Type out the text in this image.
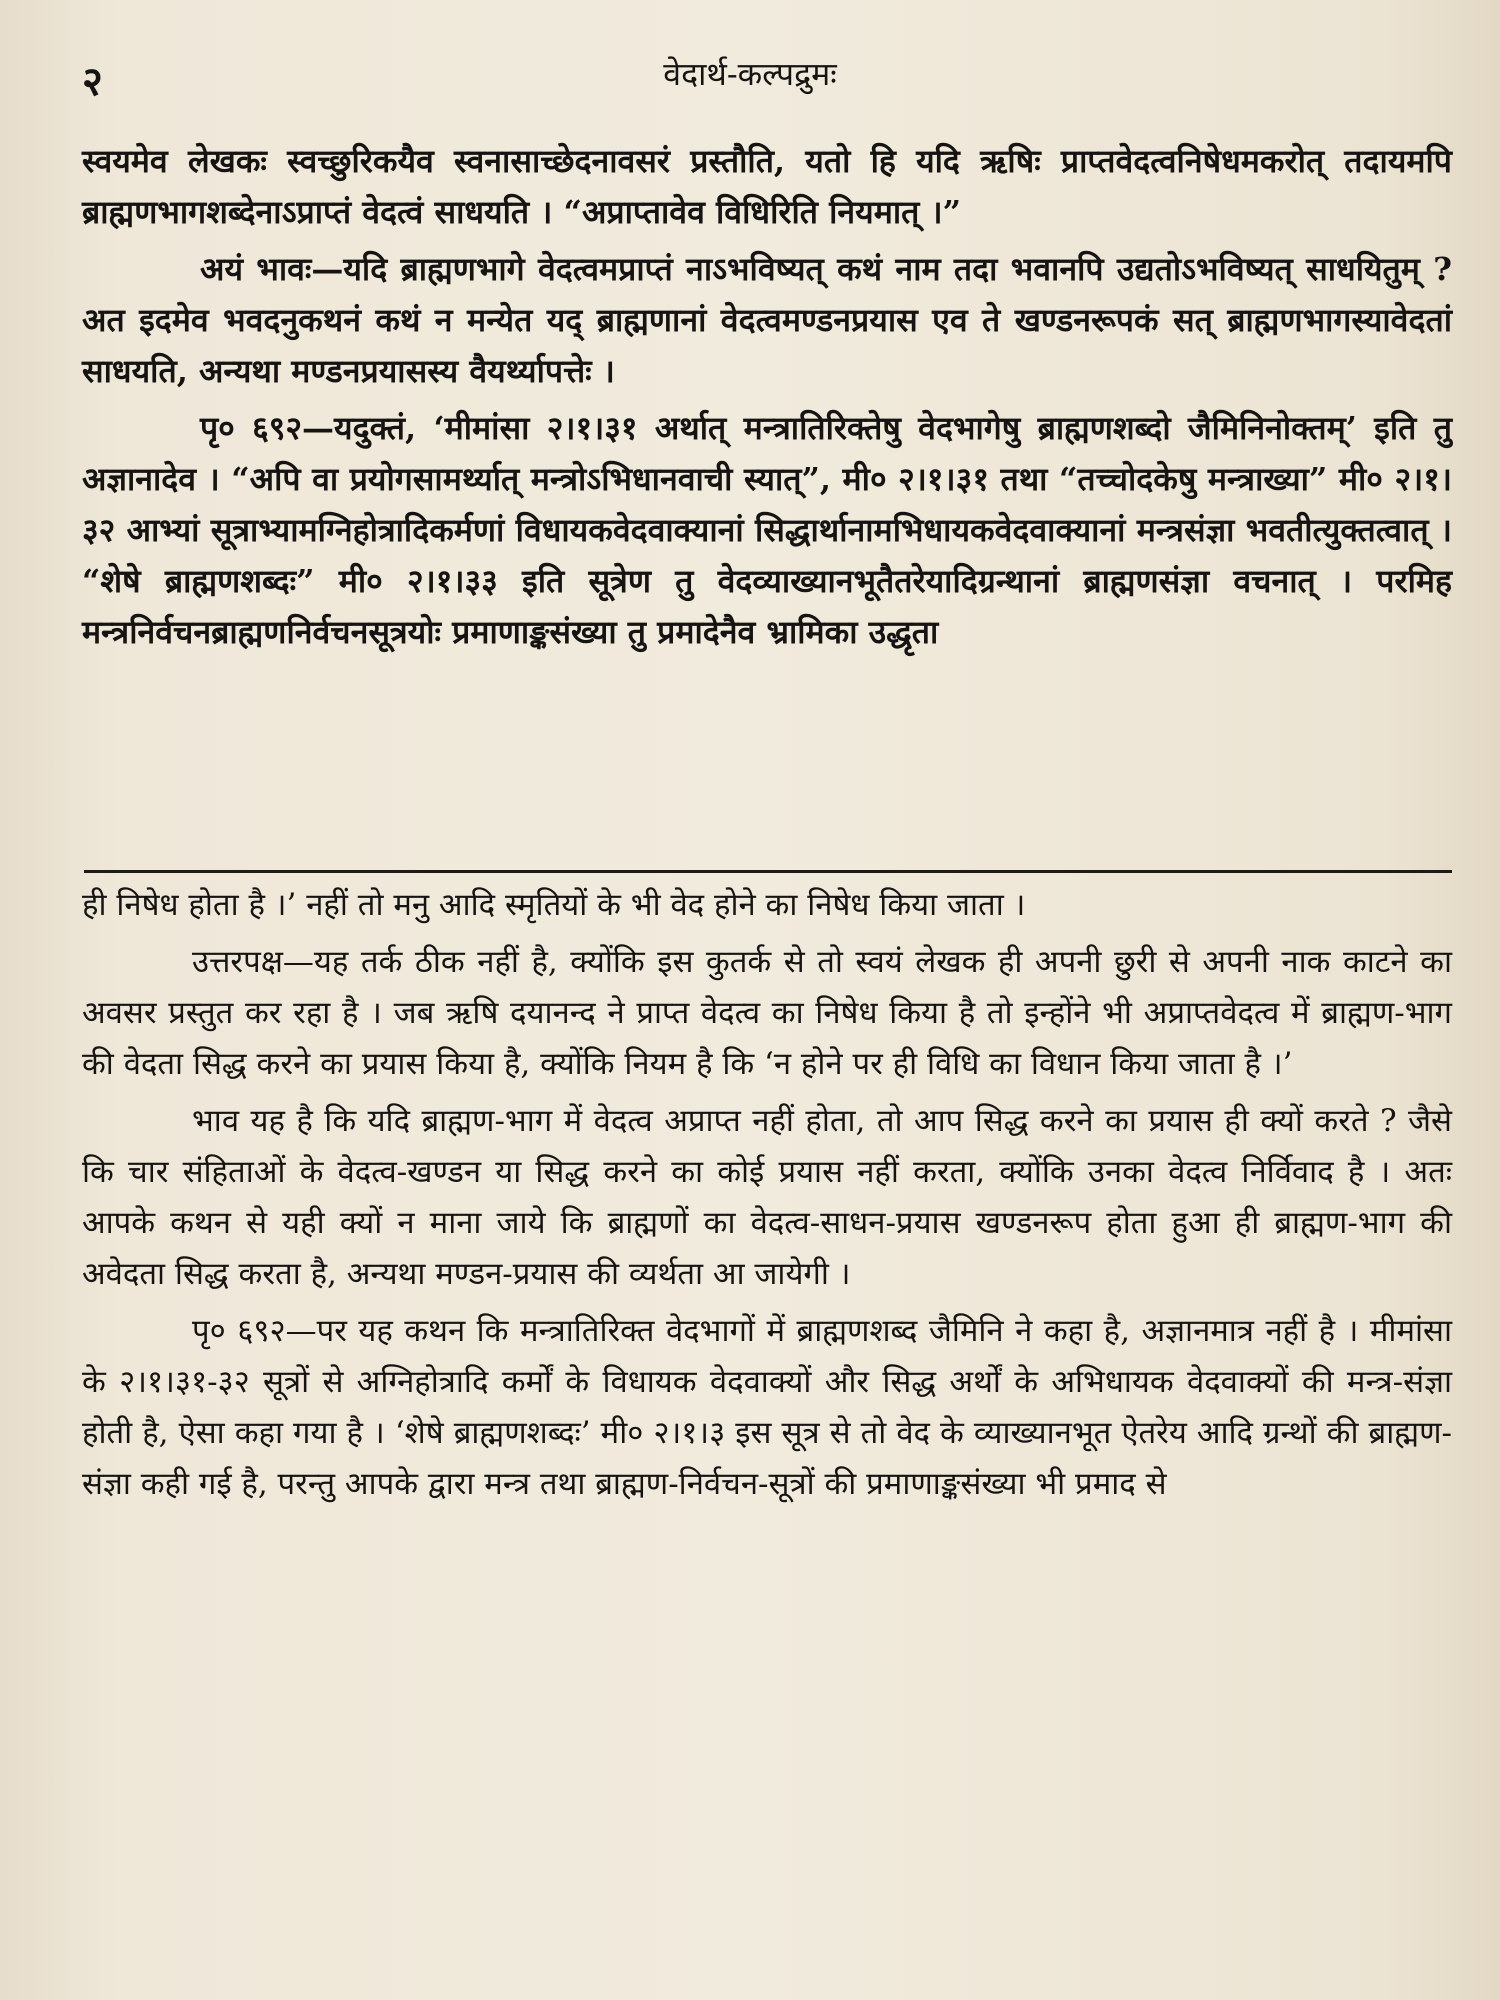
२	वेदार्थ-कल्पद्रुमः

स्वयमेव लेखकः स्वच्छुरिकयैव स्वनासाच्छेदनावसरं प्रस्तौति, यतो हि यदि ऋषिः प्राप्तवेदत्वनिषेधमकरोत् तदायमपि ब्राह्मणभागशब्देनाऽप्राप्तं वेदत्वं साधयति । “अप्राप्तावेव विधिरिति नियमात् ।”

अयं भावः—यदि ब्राह्मणभागे वेदत्वमप्राप्तं नाऽभविष्यत् कथं नाम तदा भवानपि उद्यतोऽभविष्यत् साधयितुम् ? अत इदमेव भवदनुकथनं कथं न मन्येत यद् ब्राह्मणानां वेदत्वमण्डनप्रयास एव ते खण्डनरूपकं सत् ब्राह्मणभागस्यावेदतां साधयति, अन्यथा मण्डनप्रयासस्य वैयर्थ्यापत्तेः ।

पृ० ६९२—यदुक्तं, ‘मीमांसा २।१।३१ अर्थात् मन्त्रातिरिक्तेषु वेदभागेषु ब्राह्मणशब्दो जैमिनिनोक्तम्’ इति तु अज्ञानादेव । “अपि वा प्रयोगसामर्थ्यात् मन्त्रोऽभिधानवाची स्यात्”, मी० २।१।३१ तथा “तच्चोदकेषु मन्त्राख्या” मी० २।१।३२ आभ्यां सूत्राभ्यामग्निहोत्रादिकर्मणां विधायकवेदवाक्यानां सिद्धार्थानामभिधायकवेदवाक्यानां मन्त्रसंज्ञा भवतीत्युक्तत्वात् । “शेषे ब्राह्मणशब्दः” मी० २।१।३३ इति सूत्रेण तु वेदव्याख्यानभूतैतरेयादिग्रन्थानां ब्राह्मणसंज्ञा वचनात् । परमिह मन्त्रनिर्वचनब्राह्मणनिर्वचनसूत्रयोः प्रमाणाङ्कसंख्या तु प्रमादेनैव भ्रामिका उद्धृता

ही निषेध होता है ।’ नहीं तो मनु आदि स्मृतियों के भी वेद होने का निषेध किया जाता ।

उत्तरपक्ष—यह तर्क ठीक नहीं है, क्योंकि इस कुतर्क से तो स्वयं लेखक ही अपनी छुरी से अपनी नाक काटने का अवसर प्रस्तुत कर रहा है । जब ऋषि दयानन्द ने प्राप्त वेदत्व का निषेध किया है तो इन्होंने भी अप्राप्तवेदत्व में ब्राह्मण-भाग की वेदता सिद्ध करने का प्रयास किया है, क्योंकि नियम है कि ‘न होने पर ही विधि का विधान किया जाता है ।’

भाव यह है कि यदि ब्राह्मण-भाग में वेदत्व अप्राप्त नहीं होता, तो आप सिद्ध करने का प्रयास ही क्यों करते ? जैसे कि चार संहिताओं के वेदत्व-खण्डन या सिद्ध करने का कोई प्रयास नहीं करता, क्योंकि उनका वेदत्व निर्विवाद है । अतः आपके कथन से यही क्यों न माना जाये कि ब्राह्मणों का वेदत्व-साधन-प्रयास खण्डनरूप होता हुआ ही ब्राह्मण-भाग की अवेदता सिद्ध करता है, अन्यथा मण्डन-प्रयास की व्यर्थता आ जायेगी ।

पृ० ६९२—पर यह कथन कि मन्त्रातिरिक्त वेदभागों में ब्राह्मणशब्द जैमिनि ने कहा है, अज्ञानमात्र नहीं है । मीमांसा के २।१।३१-३२ सूत्रों से अग्निहोत्रादि कर्मों के विधायक वेदवाक्यों और सिद्ध अर्थों के अभिधायक वेदवाक्यों की मन्त्र-संज्ञा होती है, ऐसा कहा गया है । ‘शेषे ब्राह्मणशब्दः’ मी० २।१।३ इस सूत्र से तो वेद के व्याख्यानभूत ऐतरेय आदि ग्रन्थों की ब्राह्मण-संज्ञा कही गई है, परन्तु आपके द्वारा मन्त्र तथा ब्राह्मण-निर्वचन-सूत्रों की प्रमाणाङ्कसंख्या भी प्रमाद से
